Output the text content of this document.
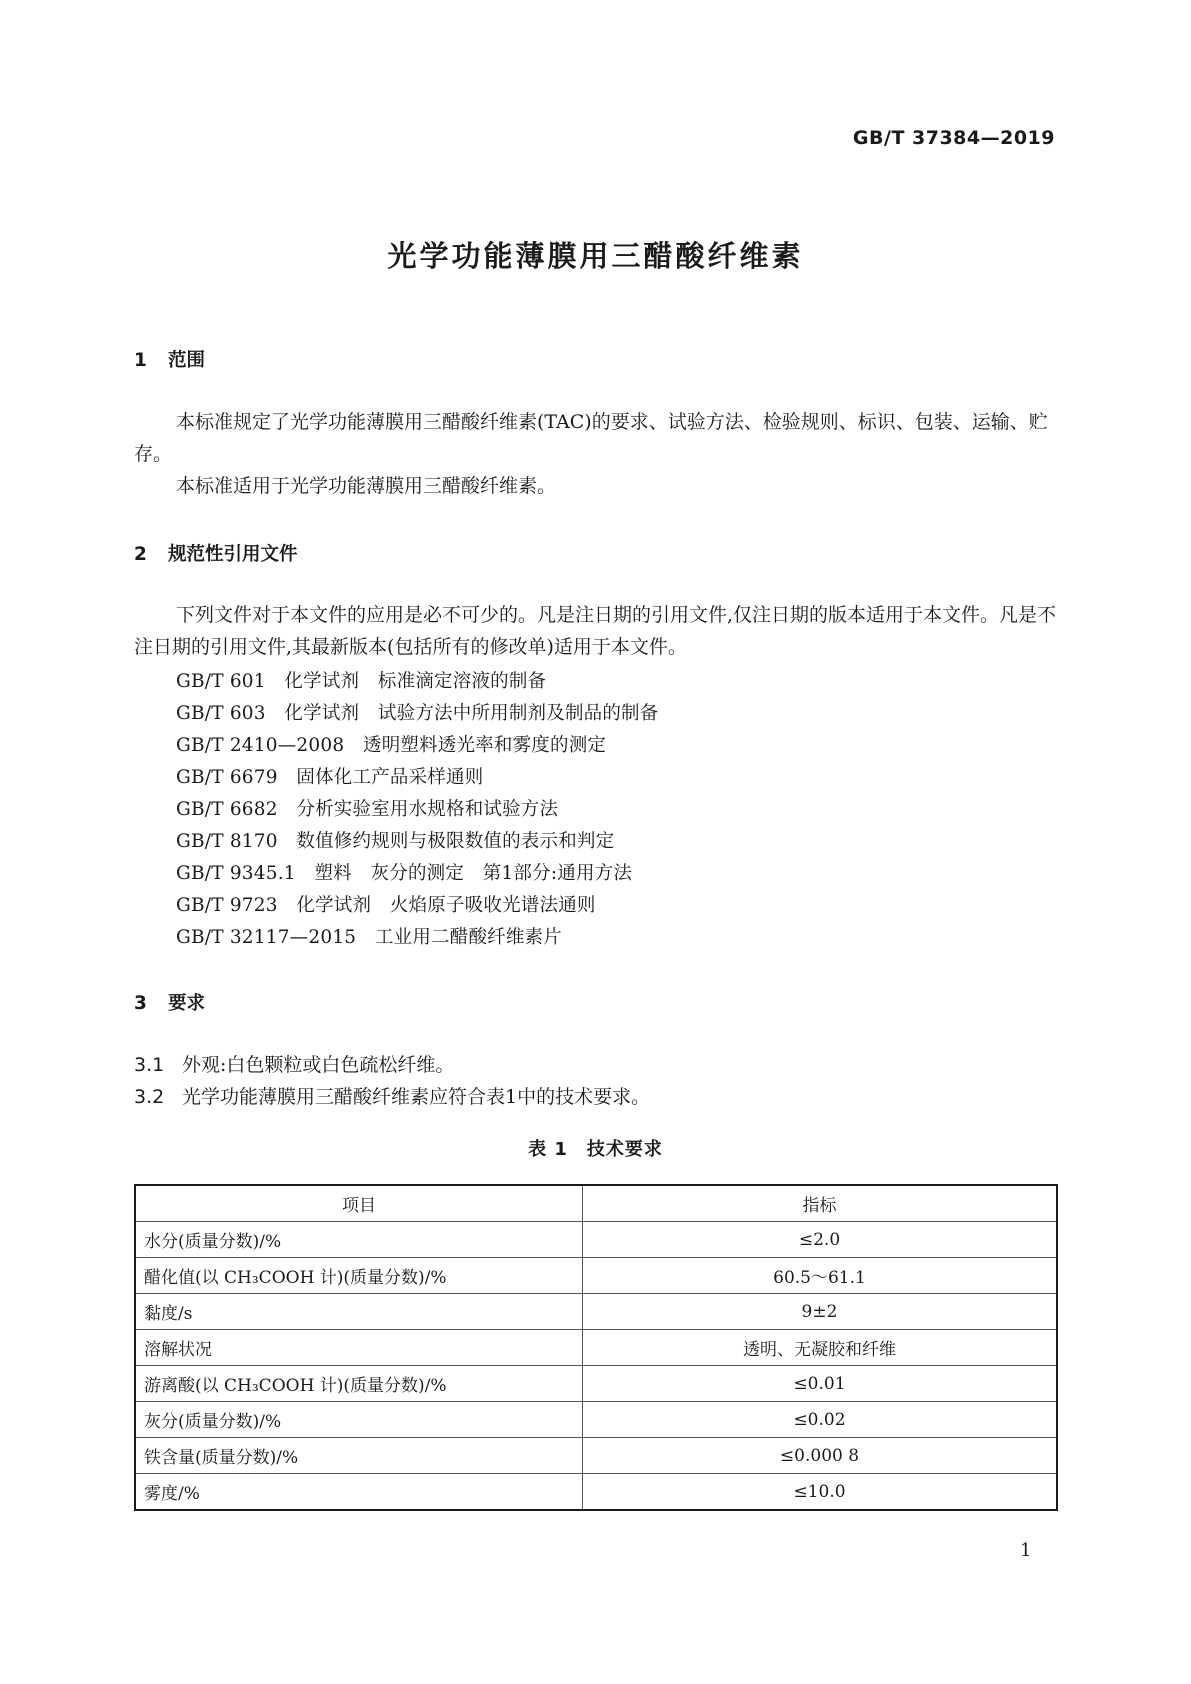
GB/T 37384—2019
光学功能薄膜用三醋酸纤维素
1 范围

本标准规定了光学功能薄膜用三醋酸纤维素(TAC)的要求、试验方法、检验规则、标识、包装、运输、贮存。

本标准适用于光学功能薄膜用三醋酸纤维素。

2 规范性引用文件

下列文件对于本文件的应用是必不可少的。凡是注日期的引用文件,仅注日期的版本适用于本文件。凡是不注日期的引用文件,其最新版本(包括所有的修改单)适用于本文件。

GB/T 601　化学试剂　标准滴定溶液的制备
GB/T 603　化学试剂　试验方法中所用制剂及制品的制备
GB/T 2410—2008　透明塑料透光率和雾度的测定
GB/T 6679　固体化工产品采样通则
GB/T 6682　分析实验室用水规格和试验方法
GB/T 8170　数值修约规则与极限数值的表示和判定
GB/T 9345.1　塑料　灰分的测定　第1部分:通用方法
GB/T 9723　化学试剂　火焰原子吸收光谱法通则
GB/T 32117—2015　工业用二醋酸纤维素片
3 要求
3.1 外观:白色颗粒或白色疏松纤维。
3.2 光学功能薄膜用三醋酸纤维素应符合表1中的技术要求。
表 1　技术要求
项目	指标
水分(质量分数)/%	≤2.0
醋化值(以 CH₃COOH 计)(质量分数)/%	60.5～61.1
黏度/s	9±2
溶解状况	透明、无凝胶和纤维
游离酸(以 CH₃COOH 计)(质量分数)/%	≤0.01
灰分(质量分数)/%	≤0.02
铁含量(质量分数)/%	≤0.000 8
雾度/%	≤10.0
1
